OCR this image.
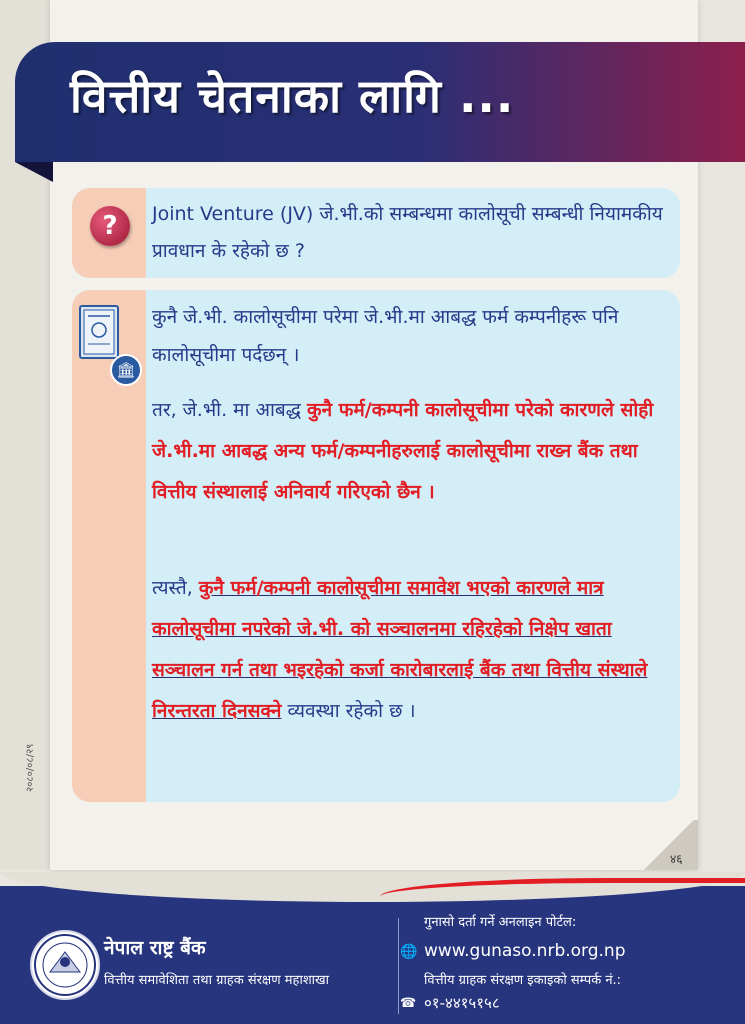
वित्तीय चेतनाका लागि ...
?	Joint Venture (JV) जे.भी.को सम्बन्धमा कालोसूची सम्बन्धी नियामकीय प्रावधान के रहेको छ ?

🏛

कुनै जे.भी. कालोसूचीमा परेमा जे.भी.मा आबद्ध फर्म कम्पनीहरू पनि कालोसूचीमा पर्दछन् ।

तर, जे.भी. मा आबद्ध कुनै फर्म/कम्पनी कालोसूचीमा परेको कारणले सोही जे.भी.मा आबद्ध अन्य फर्म/कम्पनीहरुलाई कालोसूचीमा राख्न बैंक तथा वित्तीय संस्थालाई अनिवार्य गरिएको छैन ।

त्यस्तै, कुनै फर्म/कम्पनी कालोसूचीमा समावेश भएको कारणले मात्र कालोसूचीमा नपरेको जे.भी. को सञ्चालनमा रहिरहेको निक्षेप खाता सञ्चालन गर्न तथा भइरहेको कर्जा कारोबारलाई बैंक तथा वित्तीय संस्थाले निरन्तरता दिनसक्ने व्यवस्था रहेको छ ।

२०८०/०८/२९
४६

नेपाल राष्ट्र बैंक

वित्तीय समावेशिता तथा ग्राहक संरक्षण महाशाखा

गुनासो दर्ता गर्ने अनलाइन पोर्टल:

🌐 www.gunaso.nrb.org.np

वित्तीय ग्राहक संरक्षण इकाइको सम्पर्क नं.:

☎ ०१-४४१५१५८
